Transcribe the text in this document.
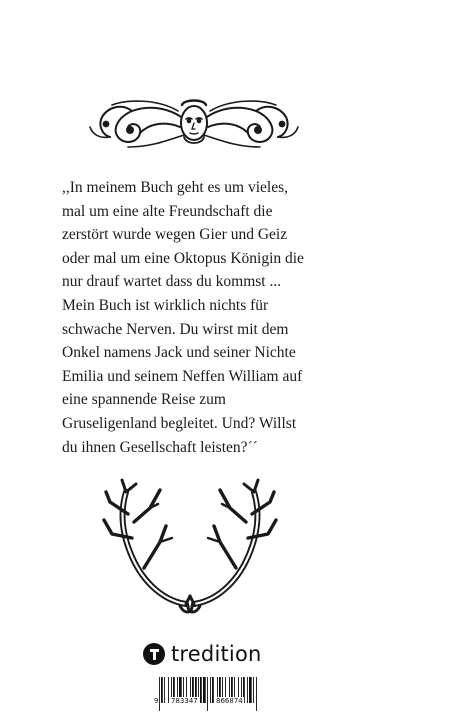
,,In meinem Buch geht es um vieles,

mal um eine alte Freundschaft die

zerstört wurde wegen Gier und Geiz

oder mal um eine Oktopus Königin die

nur drauf wartet dass du kommst ...

Mein Buch ist wirklich nichts für

schwache Nerven. Du wirst mit dem

Onkel namens Jack und seiner Nichte

Emilia und seinem Neffen William auf

eine spannende Reise zum

Gruseligenland begleitet. Und? Willst

du ihnen Gesellschaft leisten?´´

tredition
9 783347	866874
